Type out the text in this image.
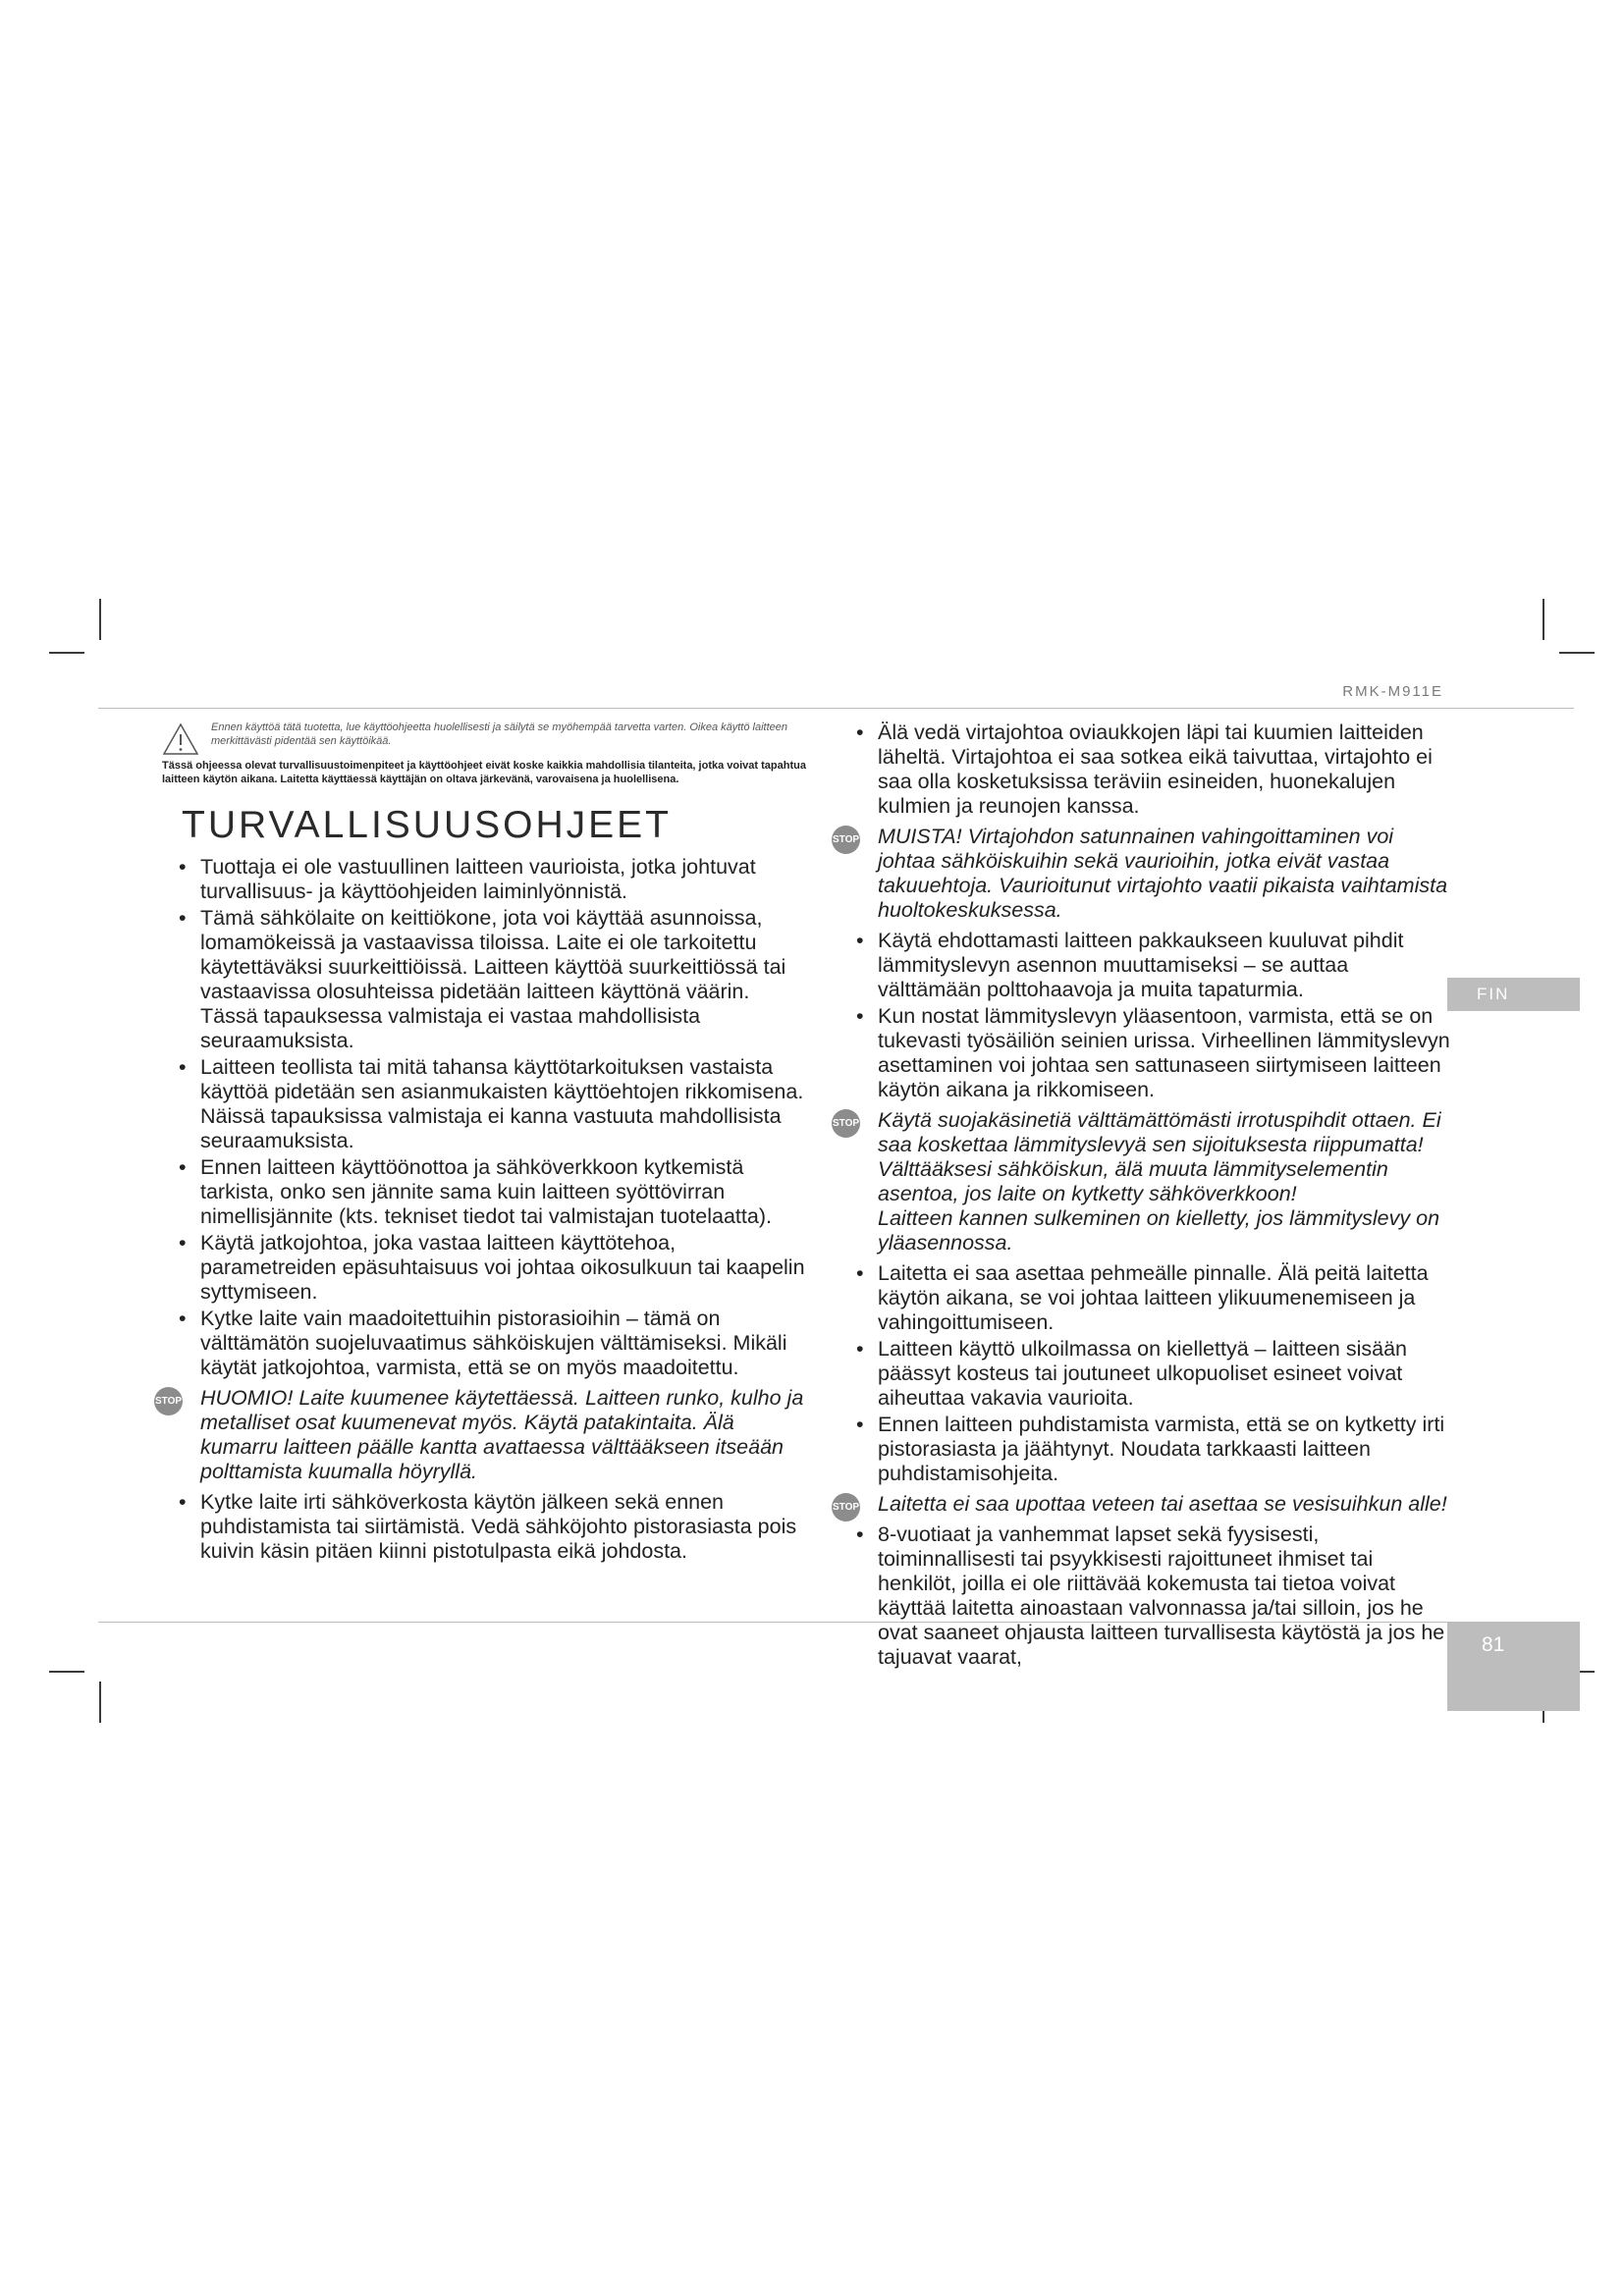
RMK-M911E
FIN
81
Ennen käyttöä tätä tuotetta, lue käyttöohjeetta huolellisesti ja säilytä se myöhempää tarvetta varten. Oikea käyttö laitteen merkittävästi pidentää sen käyttöikää.
Tässä ohjeessa olevat turvallisuustoimenpiteet ja käyttöohjeet eivät koske kaikkia mahdollisia tilanteita, jotka voivat tapahtua laitteen käytön aikana. Laitetta käyttäessä käyttäjän on oltava järkevänä, varovaisena ja huolellisena.
TURVALLISUUSOHJEET
• Tuottaja ei ole vastuullinen laitteen vaurioista, jotka johtuvat turvallisuus- ja käyttöohjeiden laiminlyönnistä.
• Tämä sähkölaite on keittiökone, jota voi käyttää asunnoissa, lomamökeissä ja vastaavissa tiloissa. Laite ei ole tarkoitettu käytettäväksi suurkeittiöissä. Laitteen käyttöä suurkeittiössä tai vastaavissa olosuhteissa pidetään laitteen käyttönä väärin. Tässä tapauksessa valmistaja ei vastaa mahdollisista seuraamuksista.
• Laitteen teollista tai mitä tahansa käyttötarkoituksen vastaista käyttöä pidetään sen asianmukaisten käyttöehtojen rikkomisena. Näissä tapauksissa valmistaja ei kanna vastuuta mahdollisista seuraamuksista.
• Ennen laitteen käyttöönottoa ja sähköverkkoon kytkemistä tarkista, onko sen jännite sama kuin laitteen syöttövirran nimellisjännite (kts. tekniset tiedot tai valmistajan tuotelaatta).
• Käytä jatkojohtoa, joka vastaa laitteen käyttötehoa, parametreiden epäsuhtaisuus voi johtaa oikosulkuun tai kaapelin syttymiseen.
• Kytke laite vain maadoitettuihin pistorasioihin – tämä on välttämätön suojeluvaatimus sähköiskujen välttämiseksi. Mikäli käytät jatkojohtoa, varmista, että se on myös maadoitettu.
STOP HUOMIO! Laite kuumenee käytettäessä. Laitteen runko, kulho ja metalliset osat kuumenevat myös. Käytä patakintaita. Älä kumarru laitteen päälle kantta avattaessa välttääkseen itseään polttamista kuumalla höyryllä.
• Kytke laite irti sähköverkosta käytön jälkeen sekä ennen puhdistamista tai siirtämistä. Vedä sähköjohto pistorasiasta pois kuivin käsin pitäen kiinni pistotulpasta eikä johdosta.
• Älä vedä virtajohtoa oviaukkojen läpi tai kuumien laitteiden läheltä. Virtajohtoa ei saa sotkea eikä taivuttaa, virtajohto ei saa olla kosketuksissa teräviin esineiden, huonekalujen kulmien ja reunojen kanssa.
STOP MUISTA! Virtajohdon satunnainen vahingoittaminen voi johtaa sähköiskuihin sekä vaurioihin, jotka eivät vastaa takuuehtoja. Vaurioitunut virtajohto vaatii pikaista vaihtamista huoltokeskuksessa.
• Käytä ehdottamasti laitteen pakkaukseen kuuluvat pihdit lämmityslevyn asennon muuttamiseksi – se auttaa välttämään polttohaavoja ja muita tapaturmia.
• Kun nostat lämmityslevyn yläasentoon, varmista, että se on tukevasti työsäiliön seinien urissa. Virheellinen lämmityslevyn asettaminen voi johtaa sen sattunaseen siirtymiseen laitteen käytön aikana ja rikkomiseen.
STOP Käytä suojakäsinetiä välttämättömästi irrotuspihdit ottaen. Ei saa koskettaa lämmityslevyä sen sijoituksesta riippumatta!
Välttääksesi sähköiskun, älä muuta lämmityselementin asentoa, jos laite on kytketty sähköverkkoon!
Laitteen kannen sulkeminen on kielletty, jos lämmityslevy on yläasennossa.
• Laitetta ei saa asettaa pehmeälle pinnalle. Älä peitä laitetta käytön aikana, se voi johtaa laitteen ylikuumenemiseen ja vahingoittumiseen.
• Laitteen käyttö ulkoilmassa on kiellettyä – laitteen sisään päässyt kosteus tai joutuneet ulkopuoliset esineet voivat aiheuttaa vakavia vaurioita.
• Ennen laitteen puhdistamista varmista, että se on kytketty irti pistorasiasta ja jäähtynyt. Noudata tarkkaasti laitteen puhdistamisohjeita.
STOP Laitetta ei saa upottaa veteen tai asettaa se vesisuihkun alle!
• 8-vuotiaat ja vanhemmat lapset sekä fyysisesti, toiminnallisesti tai psyykkisesti rajoittuneet ihmiset tai henkilöt, joilla ei ole riittävää kokemusta tai tietoa voivat käyttää laitetta ainoastaan valvonnassa ja/tai silloin, jos he ovat saaneet ohjausta laitteen turvallisesta käytöstä ja jos he tajuavat vaarat,
